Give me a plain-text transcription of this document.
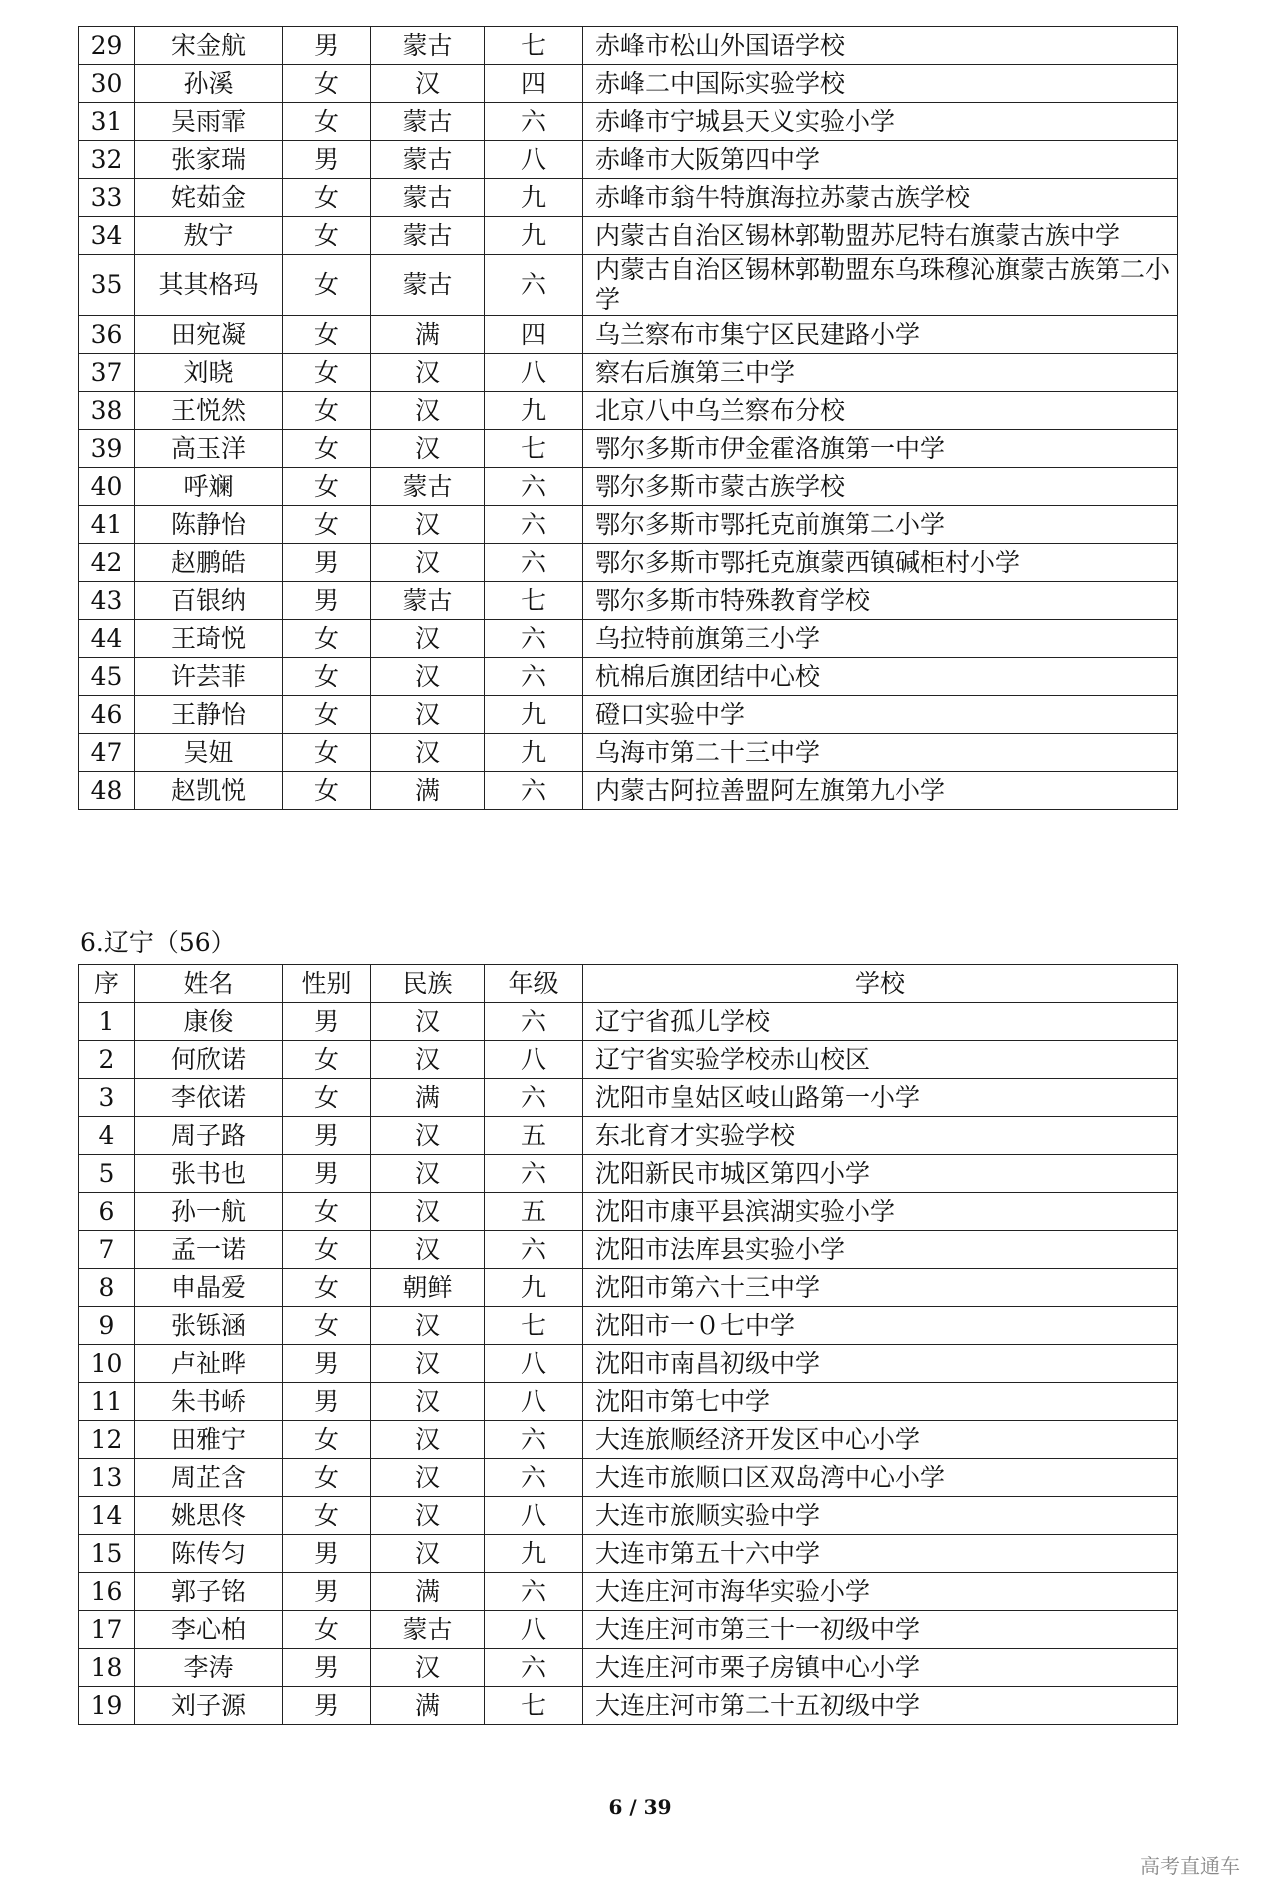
29	宋金航	男	蒙古	七	赤峰市松山外国语学校
30	孙溪	女	汉	四	赤峰二中国际实验学校
31	吴雨霏	女	蒙古	六	赤峰市宁城县天义实验小学
32	张家瑞	男	蒙古	八	赤峰市大阪第四中学
33	姹茹金	女	蒙古	九	赤峰市翁牛特旗海拉苏蒙古族学校
34	敖宁	女	蒙古	九	内蒙古自治区锡林郭勒盟苏尼特右旗蒙古族中学
35	其其格玛	女	蒙古	六	内蒙古自治区锡林郭勒盟东乌珠穆沁旗蒙古族第二小学
36	田宛凝	女	满	四	乌兰察布市集宁区民建路小学
37	刘晓	女	汉	八	察右后旗第三中学
38	王悦然	女	汉	九	北京八中乌兰察布分校
39	高玉洋	女	汉	七	鄂尔多斯市伊金霍洛旗第一中学
40	呼斓	女	蒙古	六	鄂尔多斯市蒙古族学校
41	陈静怡	女	汉	六	鄂尔多斯市鄂托克前旗第二小学
42	赵鹏皓	男	汉	六	鄂尔多斯市鄂托克旗蒙西镇碱柜村小学
43	百银纳	男	蒙古	七	鄂尔多斯市特殊教育学校
44	王琦悦	女	汉	六	乌拉特前旗第三小学
45	许芸菲	女	汉	六	杭棉后旗团结中心校
46	王静怡	女	汉	九	磴口实验中学
47	吴妞	女	汉	九	乌海市第二十三中学
48	赵凯悦	女	满	六	内蒙古阿拉善盟阿左旗第九小学
6.辽宁（56）
序	姓名	性别	民族	年级	学校
1	康俊	男	汉	六	辽宁省孤儿学校
2	何欣诺	女	汉	八	辽宁省实验学校赤山校区
3	李依诺	女	满	六	沈阳市皇姑区岐山路第一小学
4	周子路	男	汉	五	东北育才实验学校
5	张书也	男	汉	六	沈阳新民市城区第四小学
6	孙一航	女	汉	五	沈阳市康平县滨湖实验小学
7	孟一诺	女	汉	六	沈阳市法库县实验小学
8	申晶爱	女	朝鲜	九	沈阳市第六十三中学
9	张铄涵	女	汉	七	沈阳市一０七中学
10	卢祉晔	男	汉	八	沈阳市南昌初级中学
11	朱书峤	男	汉	八	沈阳市第七中学
12	田雅宁	女	汉	六	大连旅顺经济开发区中心小学
13	周芷含	女	汉	六	大连市旅顺口区双岛湾中心小学
14	姚思佟	女	汉	八	大连市旅顺实验中学
15	陈传匀	男	汉	九	大连市第五十六中学
16	郭子铭	男	满	六	大连庄河市海华实验小学
17	李心柏	女	蒙古	八	大连庄河市第三十一初级中学
18	李涛	男	汉	六	大连庄河市栗子房镇中心小学
19	刘子源	男	满	七	大连庄河市第二十五初级中学
6 / 39
高考直通车
